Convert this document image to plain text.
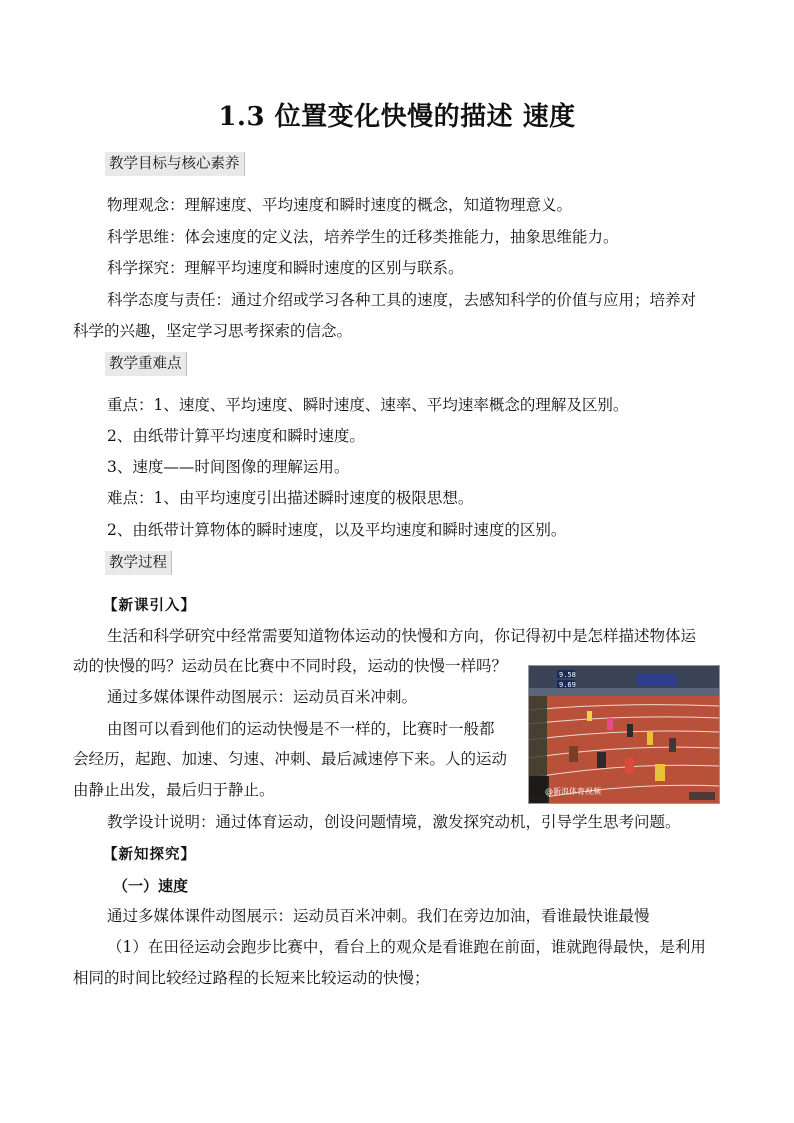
1.3 位置变化快慢的描述 速度
教学目标与核心素养
物理观念：理解速度、平均速度和瞬时速度的概念，知道物理意义。
科学思维：体会速度的定义法，培养学生的迁移类推能力，抽象思维能力。
科学探究：理解平均速度和瞬时速度的区别与联系。
科学态度与责任：通过介绍或学习各种工具的速度，去感知科学的价值与应用；培养对
科学的兴趣，坚定学习思考探索的信念。
教学重难点
重点：1、速度、平均速度、瞬时速度、速率、平均速率概念的理解及区别。
2、由纸带计算平均速度和瞬时速度。
3、速度——时间图像的理解运用。
难点：1、由平均速度引出描述瞬时速度的极限思想。
2、由纸带计算物体的瞬时速度，以及平均速度和瞬时速度的区别。
教学过程
【新课引入】
生活和科学研究中经常需要知道物体运动的快慢和方向，你记得初中是怎样描述物体运
动的快慢的吗？运动员在比赛中不同时段，运动的快慢一样吗？
通过多媒体课件动图展示：运动员百米冲刺。
由图可以看到他们的运动快慢是不一样的，比赛时一般都
会经历，起跑、加速、匀速、冲刺、最后减速停下来。人的运动
由静止出发，最后归于静止。
教学设计说明：通过体育运动，创设问题情境，激发探究动机，引导学生思考问题。
9.58
9.69
@新浪体育视频
【新知探究】
（一）速度
通过多媒体课件动图展示：运动员百米冲刺。我们在旁边加油，看谁最快谁最慢
（1）在田径运动会跑步比赛中，看台上的观众是看谁跑在前面，谁就跑得最快，是利用
相同的时间比较经过路程的长短来比较运动的快慢；
